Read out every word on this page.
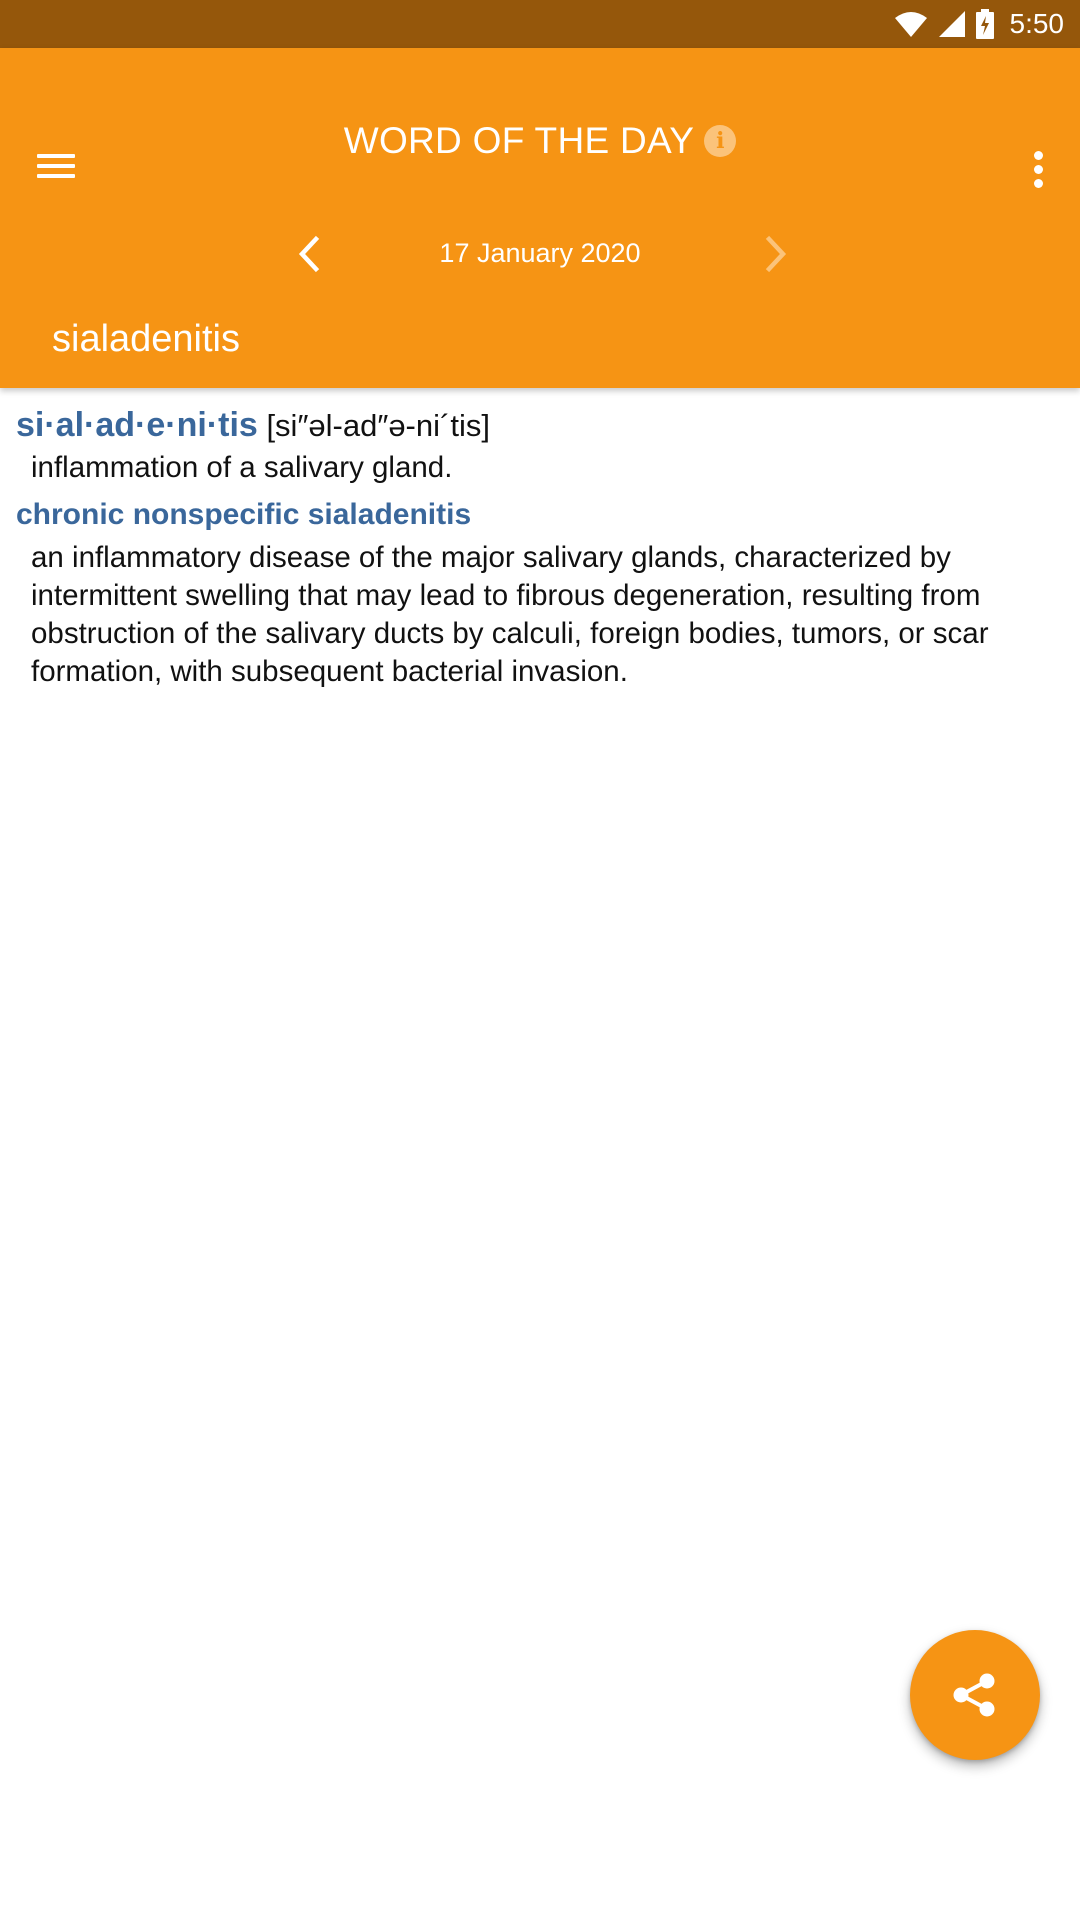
5:50
WORD OF THE DAY i
17 January 2020
sialadenitis
si·al·ad·e·ni·tis [si″əl-ad″ə-ni´tis]
inflammation of a salivary gland.
chronic nonspecific sialadenitis
an inflammatory disease of the major salivary glands, characterized by intermittent swelling that may lead to fibrous degeneration, resulting from obstruction of the salivary ducts by calculi, foreign bodies, tumors, or scar formation, with subsequent bacterial invasion.
